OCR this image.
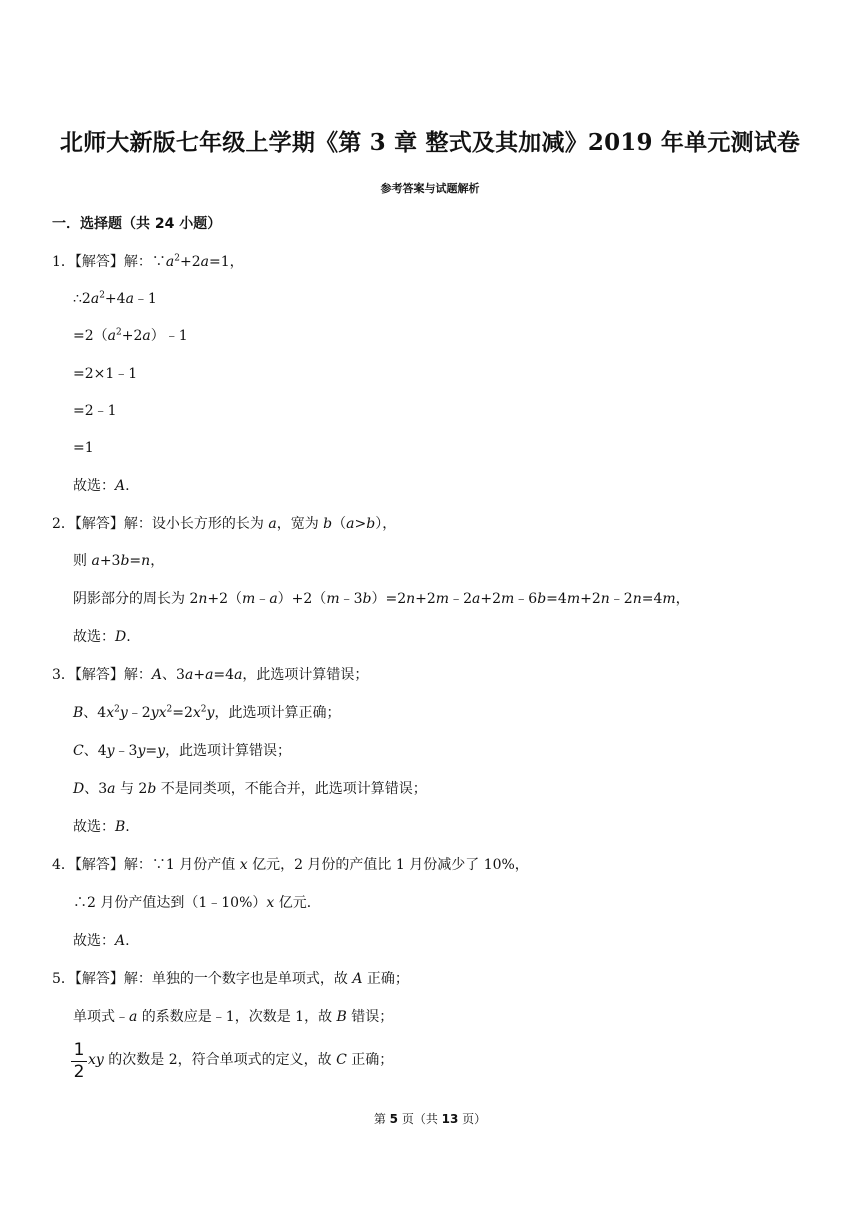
北师大新版七年级上学期《第 3 章 整式及其加减》2019 年单元测试卷
参考答案与试题解析
一．选择题（共 24 小题）
1．【解答】解：$\because a^2+2a=1$，
$\therefore 2a^2+4a﹣1$
$=2(a^2+2a)﹣1$
=2×1﹣1
=2﹣1
=1
故选：A.
2．【解答】解：设小长方形的长为 a，宽为 b（a>b），
则 a+3b=n，
阴影部分的周长为 2n+2（m﹣a）+2（m﹣3b）=2n+2m﹣2a+2m﹣6b=4m+2n﹣2n=4m，
故选：D.
3．【解答】解：A、3a+a=4a，此选项计算错误；
B、$4x^2y﹣2yx^2=2x^2y$，此选项计算正确；
C、4y﹣3y=y，此选项计算错误；
D、3a 与 2b 不是同类项，不能合并，此选项计算错误；
故选：B.
4．【解答】解：∵1 月份产值 x 亿元，2 月份的产值比 1 月份减少了 10%，
∴2 月份产值达到（1﹣10%）x 亿元．
故选：A.
5．【解答】解：单独的一个数字也是单项式，故 A 正确；
单项式﹣a 的系数应是﹣1，次数是 1，故 B 错误；
1
2
xy 的次数是 2，符合单项式的定义，故 C 正确；
第 5 页（共 13 页）
